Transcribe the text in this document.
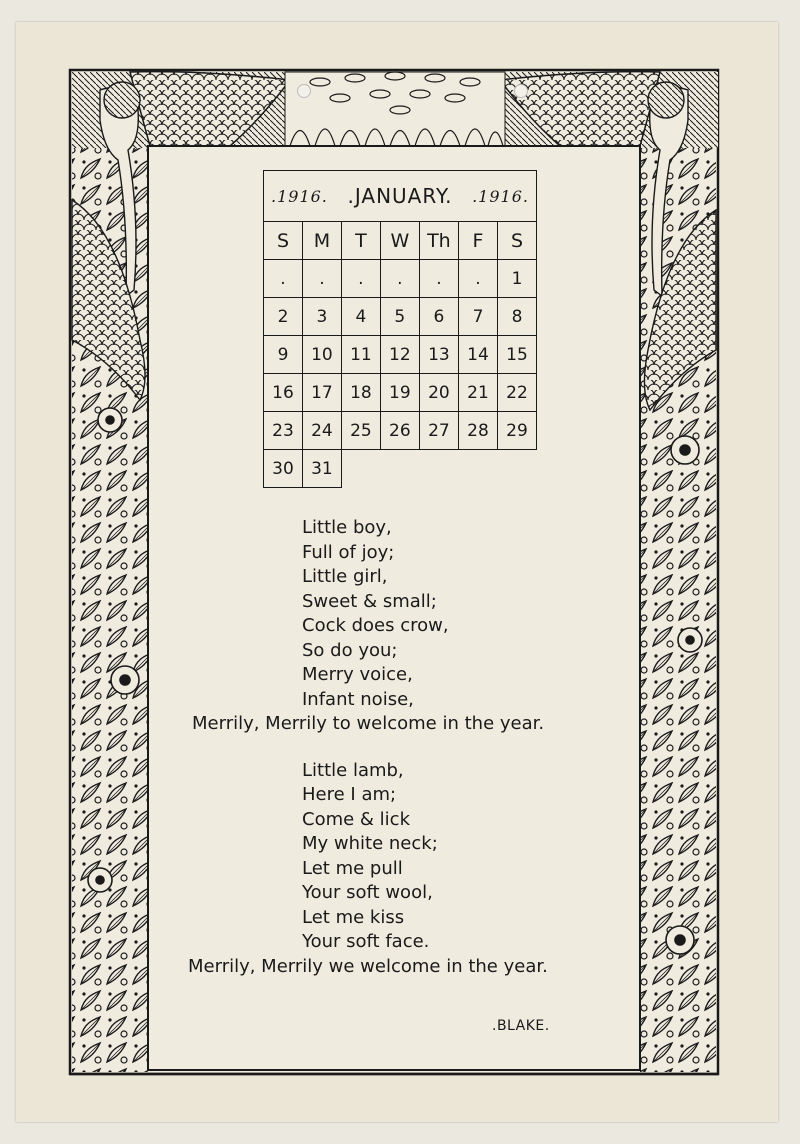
.1916. .JANUARY. .1916.						

S	M	T	W	Th	F	S
.	.	.	.	.	.	1
2	3	4	5	6	7	8
9	10	11	12	13	14	15
16	17	18	19	20	21	22
23	24	25	26	27	28	29
30	31					
Little boy,
Full of joy;
Little girl,
Sweet & small;
Cock does crow,
So do you;
Merry voice,
Infant noise,
Merrily, Merrily to welcome in the year.
Little lamb,
Here I am;
Come & lick
My white neck;
Let me pull
Your soft wool,
Let me kiss
Your soft face.
Merrily, Merrily we welcome in the year.
.BLAKE.
